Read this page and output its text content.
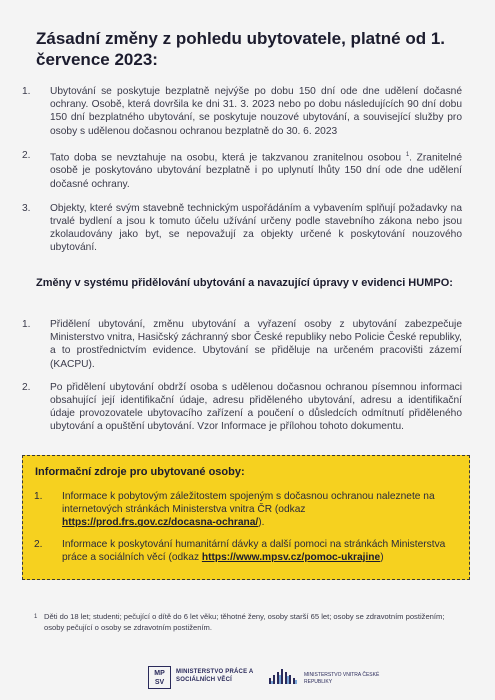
Zásadní změny z pohledu ubytovatele, platné od 1. července 2023:
1. Ubytování se poskytuje bezplatně nejvýše po dobu 150 dní ode dne udělení dočasné ochrany. Osobě, která dovršila ke dni 31. 3. 2023 nebo po dobu následujících 90 dní dobu 150 dní bezplatného ubytování, se poskytuje nouzové ubytování, a související služby pro osoby s udělenou dočasnou ochranou bezplatně do 30. 6. 2023
2. Tato doba se nevztahuje na osobu, která je takzvanou zranitelnou osobou $^1$. Zranitelné osobě je poskytováno ubytování bezplatně i po uplynutí lhůty 150 dní ode dne udělení dočasné ochrany.
3. Objekty, které svým stavebně technickým uspořádáním a vybavením splňují požadavky na trvalé bydlení a jsou k tomuto účelu užívání určeny podle stavebního zákona nebo jsou zkolaudovány jako byt, se nepovažují za objekty určené k poskytování nouzového ubytování.
Změny v systému přidělování ubytování a navazující úpravy v evidenci HUMPO:
1. Přidělení ubytování, změnu ubytování a vyřazení osoby z ubytování zabezpečuje Ministerstvo vnitra, Hasičský záchranný sbor České republiky nebo Policie České republiky, a to prostřednictvím evidence. Ubytování se přiděluje na určeném pracovišti zázemí (KACPU).
2. Po přidělení ubytování obdrží osoba s udělenou dočasnou ochranou písemnou informaci obsahující její identifikační údaje, adresu přiděleného ubytování, adresu a identifikační údaje provozovatele ubytovacího zařízení a poučení o důsledcích odmítnutí přiděleného ubytování a opuštění ubytování. Vzor Informace je přílohou tohoto dokumentu.
Informační zdroje pro ubytované osoby:
1. Informace k pobytovým záležitostem spojeným s dočasnou ochranou naleznete na internetových stránkách Ministerstva vnitra ČR (odkaz https://prod.frs.gov.cz/docasna-ochrana/).
2. Informace k poskytování humanitární dávky a další pomoci na stránkách Ministerstva práce a sociálních věcí (odkaz https://www.mpsv.cz/pomoc-ukrajine)
1 Děti do 18 let; studenti; pečující o dítě do 6 let věku; těhotné ženy, osoby starší 65 let; osoby se zdravotním postižením; osoby pečující o osoby se zdravotním postižením.
MP SV
MINISTERSTVO PRÁCE A SOCIÁLNÍCH VĚCÍ
MINISTERSTVO VNITRA ČESKÉ REPUBLIKY
